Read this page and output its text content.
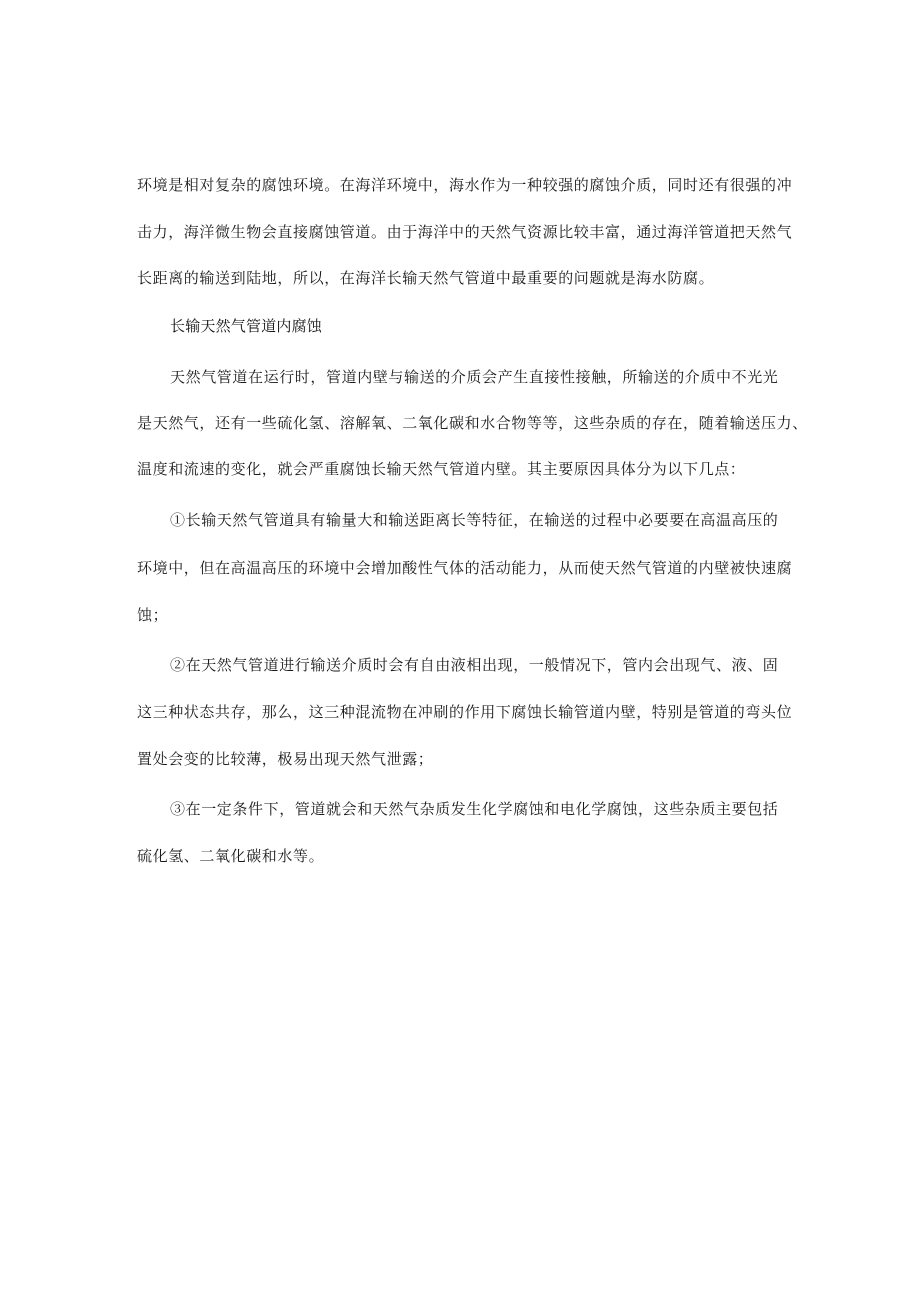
环境是相对复杂的腐蚀环境。在海洋环境中，海水作为一种较强的腐蚀介质，同时还有很强的冲
击力，海洋微生物会直接腐蚀管道。由于海洋中的天然气资源比较丰富，通过海洋管道把天然气
长距离的输送到陆地，所以，在海洋长输天然气管道中最重要的问题就是海水防腐。
长输天然气管道内腐蚀
天然气管道在运行时，管道内壁与输送的介质会产生直接性接触，所输送的介质中不光光
是天然气，还有一些硫化氢、溶解氧、二氧化碳和水合物等等，这些杂质的存在，随着输送压力、
温度和流速的变化，就会严重腐蚀长输天然气管道内壁。其主要原因具体分为以下几点：
①长输天然气管道具有输量大和输送距离长等特征，在输送的过程中必要要在高温高压的
环境中，但在高温高压的环境中会增加酸性气体的活动能力，从而使天然气管道的内壁被快速腐
蚀；
②在天然气管道进行输送介质时会有自由液相出现，一般情况下，管内会出现气、液、固
这三种状态共存，那么，这三种混流物在冲刷的作用下腐蚀长输管道内壁，特别是管道的弯头位
置处会变的比较薄，极易出现天然气泄露；
③在一定条件下，管道就会和天然气杂质发生化学腐蚀和电化学腐蚀，这些杂质主要包括
硫化氢、二氧化碳和水等。
